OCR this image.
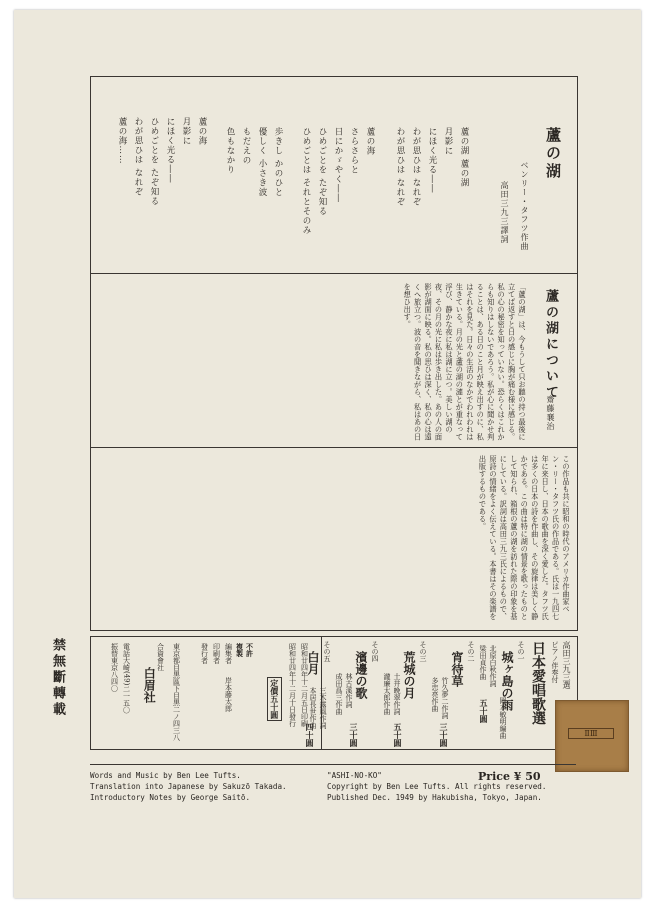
蘆の湖
ベンリー・タフツ作曲
高田三九三譯詞
蘆の湖 蘆の湖
月影に
にほく光る――
わが思ひは なれぞ
わが思ひは なれぞ
蘆の海
さらさらと
日にかゞやく――
ひめごとを たぞ知る
ひめごとは それとそのみ
歩きし かのひと
優しく 小さき波
もだえの
色もなかり
蘆の海
月影に
にほく光る――
ひめごとを たぞ知る
わが思ひは なれぞ
蘆の海……
蘆の湖について
齋藤襄治
「蘆の湖」は、今もうして只お聽の持つ最後に立てば返すと日の感じに胸が痛む様に感じる。私の心の秘密を知っていない。恐らくはこれからも知りはしないであろう。私が心に聞かせ判ることは、ある日のこと月が映え出すのに、私はそれを見た。日々の生活のなかでわれわれは生きている。月の光と蘆の湖の漣とが重なって浮び、静かな夜に私は湖に立つ。美しい湖の夜、その月の光に私は歩き出した。あの人の面影が湖面に映る。私の思ひは深く、私の心は遠くへ旅立つ。波の音を聞きながら、私はあの日を想ひ出す。
この作品も共に昭和の時代のアメリカ作曲家ベン・リー・タフツ氏の作品である。氏は一九四七年に来日し、日本の歌曲を深く愛した。タフツ氏は多くの日本の詩を作曲し、その旋律は美しく静かである。この曲は特に湖の情景を歌ったものとして知られ、箱根の蘆の湖を訪れた際の印象を基にしている。訳詞は高田三九三氏によるもので、原詩の情緒をよく伝えている。本書はその楽譜を出版するものである。
禁無斷轉載	高田三九三選
ピアノ伴奏付
日本愛唱歌選
その一
城ヶ島の雨
北原白秋作詞
梁田貞作曲
五十圓 岡本敏明編曲
その二
宵待草
竹久夢二作詞
多忠亮作曲
三十圓
その三
荒城の月
土井晩翠作詞
瀧廉太郎作曲
五十圓
その四
濱邊の歌
林古溪作詞
成田爲三作曲
三十圓
その五
白月
三木露風作詞
本居長世作曲
四十圓
昭和廿四年十二月五日印刷
昭和廿四年十二月十日發行
定價五十圓
不許
複製
編集者
岸本藤太郎
印刷者
發行者
東京都目黒區下目黒二ノ四三八
合資會社
白眉社
電話大崎(49)二一五〇
振替東京八四〇
ⅡⅢ
Words and Music by Ben Lee Tufts.
Translation into Japanese by Sakuzō Takada.
Introductory Notes by George Saitō.
"ASHI-NO-KO"
Copyright by Ben Lee Tufts. All rights reserved.
Published Dec. 1949 by Hakubisha, Tokyo, Japan.
Price ¥ 50
